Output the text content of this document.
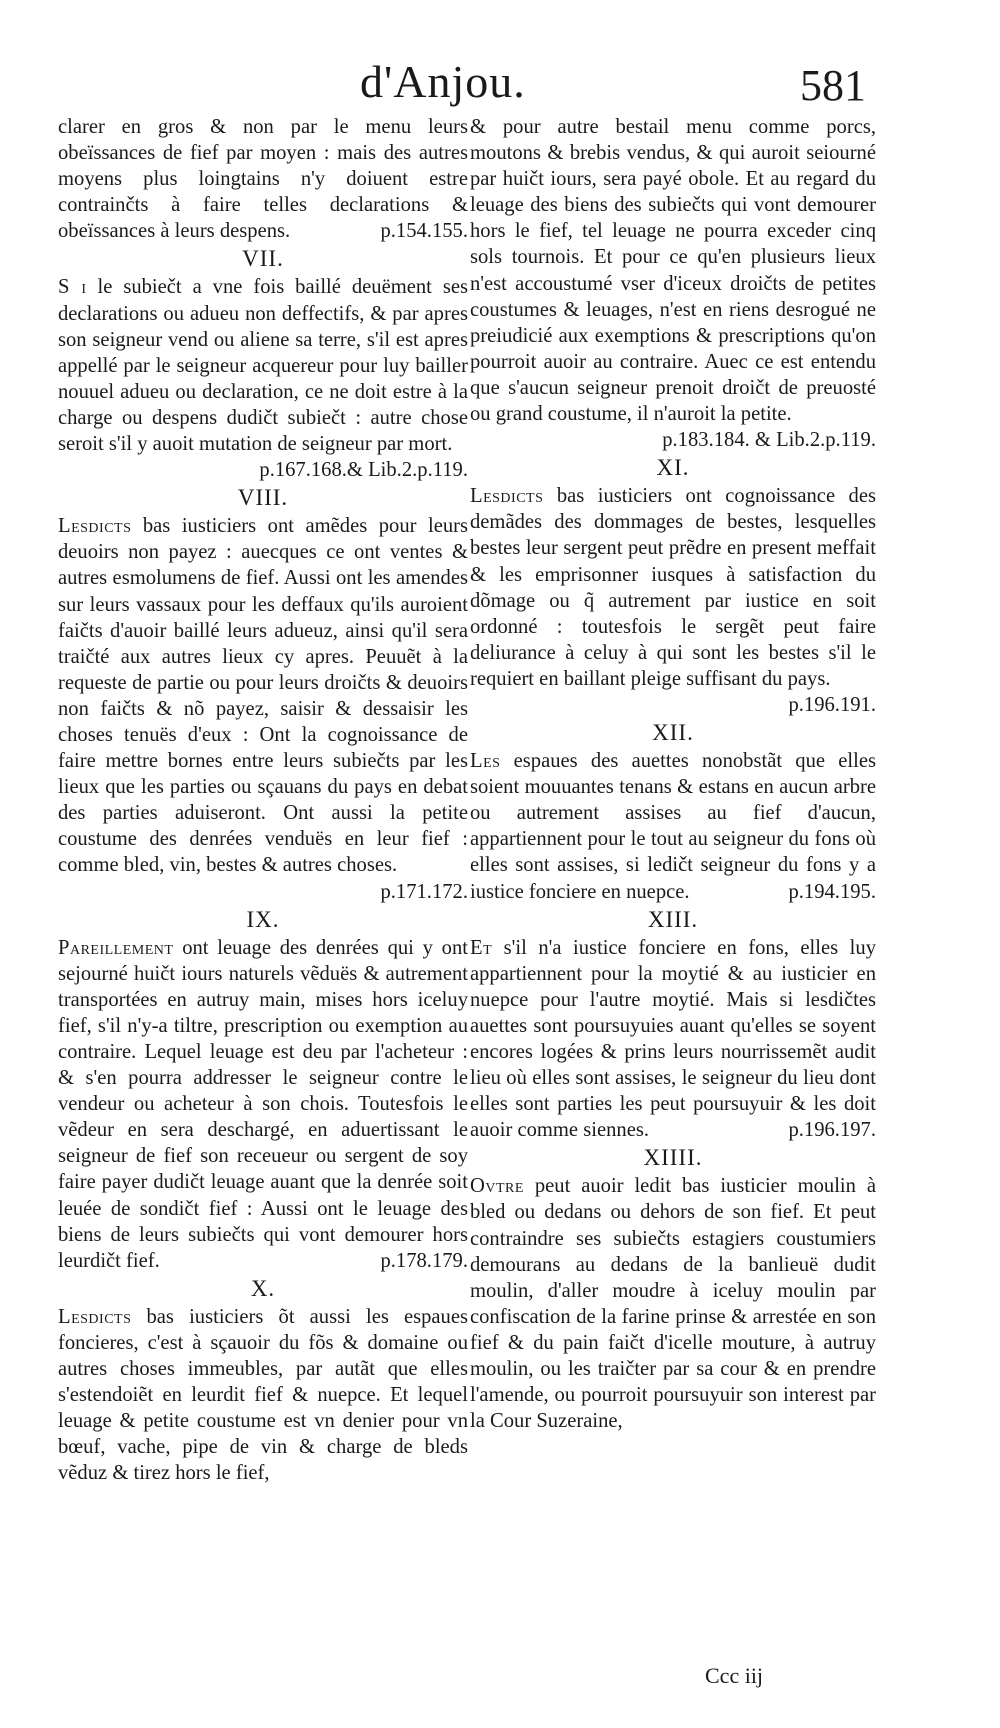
d'Anjou.	581

clarer en gros & non par le menu leurs obeïssances de fief par moyen : mais des autres moyens plus loingtains n'y doiuent estre contrainčts à faire telles declarations & obeïssances à leurs despens.	p.154.155.

VII.

S i le subiečt a vne fois baillé deuëment ses declarations ou adueu non deffectifs, & par apres son seigneur vend ou aliene sa terre, s'il est apres appellé par le seigneur acquereur pour luy bailler nouuel adueu ou declaration, ce ne doit estre à la charge ou despens dudičt subiečt : autre chose seroit s'il y auoit mutation de seigneur par mort.
p.167.168.& Lib.2.p.119.

VIII.

Lesdicts bas iusticiers ont amẽdes pour leurs deuoirs non payez : auecques ce ont ventes & autres esmolumens de fief. Aussi ont les amendes sur leurs vassaux pour les deffaux qu'ils auroient faičts d'auoir baillé leurs adueuz, ainsi qu'il sera traičté aux autres lieux cy apres. Peuuẽt à la requeste de partie ou pour leurs droičts & deuoirs non faičts & nõ payez, saisir & dessaisir les choses tenuës d'eux : Ont la cognoissance de faire mettre bornes entre leurs subiečts par les lieux que les parties ou sçauans du pays en debat des parties aduiseront. Ont aussi la petite coustume des denrées venduës en leur fief : comme bled, vin, bestes & autres choses.
p.171.172.

IX.

Pareillement ont leuage des denrées qui y ont sejourné huičt iours naturels vẽduës & autrement transportées en autruy main, mises hors iceluy fief, s'il n'y-a tiltre, prescription ou exemption au contraire. Lequel leuage est deu par l'acheteur : & s'en pourra addresser le seigneur contre le vendeur ou acheteur à son chois. Toutesfois le vẽdeur en sera deschargé, en aduertissant le seigneur de fief son receueur ou sergent de soy faire payer dudičt leuage auant que la denrée soit leuée de sondičt fief : Aussi ont le leuage des biens de leurs subiečts qui vont demourer hors leurdičt fief.	p.178.179.

X.

Lesdicts bas iusticiers õt aussi les espaues foncieres, c'est à sçauoir du fõs & domaine ou autres choses immeubles, par autãt que elles s'estendoiẽt en leurdit fief & nuepce. Et lequel leuage & petite coustume est vn denier pour vn bœuf, vache, pipe de vin & charge de bleds vẽduz & tirez hors le fief,

& pour autre bestail menu comme porcs, moutons & brebis vendus, & qui auroit seiourné par huičt iours, sera payé obole. Et au regard du leuage des biens des subiečts qui vont demourer hors le fief, tel leuage ne pourra exceder cinq sols tournois. Et pour ce qu'en plusieurs lieux n'est accoustumé vser d'iceux droičts de petites coustumes & leuages, n'est en riens desrogué ne preiudicié aux exemptions & prescriptions qu'on pourroit auoir au contraire. Auec ce est entendu que s'aucun seigneur prenoit droičt de preuosté ou grand coustume, il n'auroit la petite.
p.183.184. & Lib.2.p.119.

XI.

Lesdicts bas iusticiers ont cognoissance des demãdes des dommages de bestes, lesquelles bestes leur sergent peut prẽdre en present meffait & les emprisonner iusques à satisfaction du dõmage ou q̃ autrement par iustice en soit ordonné : toutesfois le sergẽt peut faire deliurance à celuy à qui sont les bestes s'il le requiert en baillant pleige suffisant du pays.
p.196.191.

XII.

Les espaues des auettes nonobstãt que elles soient mouuantes tenans & estans en aucun arbre ou autrement assises au fief d'aucun, appartiennent pour le tout au seigneur du fons où elles sont assises, si ledičt seigneur du fons y a iustice fonciere en nuepce.	p.194.195.

XIII.

Et s'il n'a iustice fonciere en fons, elles luy appartiennent pour la moytié & au iusticier en nuepce pour l'autre moytié. Mais si lesdičtes auettes sont poursuyuies auant qu'elles se soyent encores logées & prins leurs nourrissemẽt audit lieu où elles sont assises, le seigneur du lieu dont elles sont parties les peut poursuyuir & les doit auoir comme siennes.	p.196.197.

XIIII.

Ovtre peut auoir ledit bas iusticier moulin à bled ou dedans ou dehors de son fief. Et peut contraindre ses subiečts estagiers coustumiers demourans au dedans de la banlieuë dudit moulin, d'aller moudre à iceluy moulin par confiscation de la farine prinse & arrestée en son fief & du pain faičt d'icelle mouture, à autruy moulin, ou les traičter par sa cour & en prendre l'amende, ou pourroit poursuyuir son interest par la Cour Suzeraine,

Ccc iij
